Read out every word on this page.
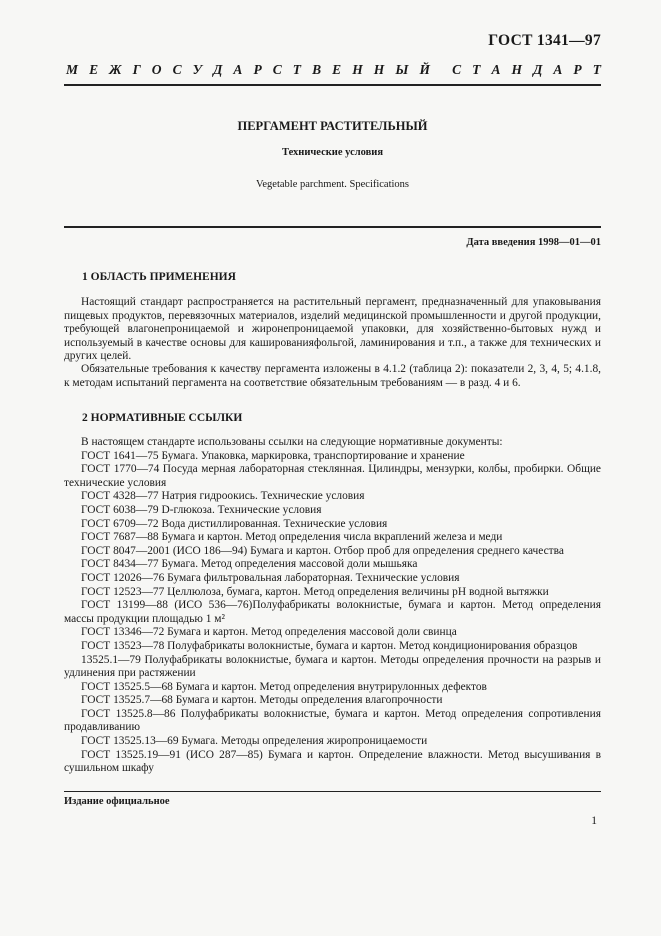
ГОСТ 1341—97
М Е Ж Г О С У Д А Р С Т В Е Н Н Ы Й С Т А Н Д А Р Т
ПЕРГАМЕНТ РАСТИТЕЛЬНЫЙ
Технические условия
Vegetable parchment. Specifications
Дата введения 1998—01—01
1 ОБЛАСТЬ ПРИМЕНЕНИЯ
Настоящий стандарт распространяется на растительный пергамент, предназначенный для упаковывания пищевых продуктов, перевязочных материалов, изделий медицинской промышленности и другой продукции, требующей влагонепроницаемой и жиронепроницаемой упаковки, для хозяйственно-бытовых нужд и используемый в качестве основы для кашированияфольгой, ламинирования и т.п., а также для технических и других целей.
Обязательные требования к качеству пергамента изложены в 4.1.2 (таблица 2): показатели 2, 3, 4, 5; 4.1.8, к методам испытаний пергамента на соответствие обязательным требованиям — в разд. 4 и 6.
2 НОРМАТИВНЫЕ ССЫЛКИ
В настоящем стандарте использованы ссылки на следующие нормативные документы:
ГОСТ 1641—75 Бумага. Упаковка, маркировка, транспортирование и хранение
ГОСТ 1770—74 Посуда мерная лабораторная стеклянная. Цилиндры, мензурки, колбы, пробирки. Общие технические условия
ГОСТ 4328—77 Натрия гидроокись. Технические условия
ГОСТ 6038—79 D-глюкоза. Технические условия
ГОСТ 6709—72 Вода дистиллированная. Технические условия
ГОСТ 7687—88 Бумага и картон. Метод определения числа вкраплений железа и меди
ГОСТ 8047—2001 (ИСО 186—94) Бумага и картон. Отбор проб для определения среднего качества
ГОСТ 8434—77 Бумага. Метод определения массовой доли мышьяка
ГОСТ 12026—76 Бумага фильтровальная лабораторная. Технические условия
ГОСТ 12523—77 Целлюлоза, бумага, картон. Метод определения величины pH водной вытяжки
ГОСТ 13199—88 (ИСО 536—76)Полуфабрикаты волокнистые, бумага и картон. Метод определения массы продукции площадью 1 м²
ГОСТ 13346—72 Бумага и картон. Метод определения массовой доли свинца
ГОСТ 13523—78 Полуфабрикаты волокнистые, бумага и картон. Метод кондиционирования образцов
13525.1—79 Полуфабрикаты волокнистые, бумага и картон. Методы определения прочности на разрыв и удлинения при растяжении
ГОСТ 13525.5—68 Бумага и картон. Метод определения внутрирулонных дефектов
ГОСТ 13525.7—68 Бумага и картон. Методы определения влагопрочности
ГОСТ 13525.8—86 Полуфабрикаты волокнистые, бумага и картон. Метод определения сопротивления продавливанию
ГОСТ 13525.13—69 Бумага. Методы определения жиропроницаемости
ГОСТ 13525.19—91 (ИСО 287—85) Бумага и картон. Определение влажности. Метод высушивания в сушильном шкафу
Издание официальное
1
